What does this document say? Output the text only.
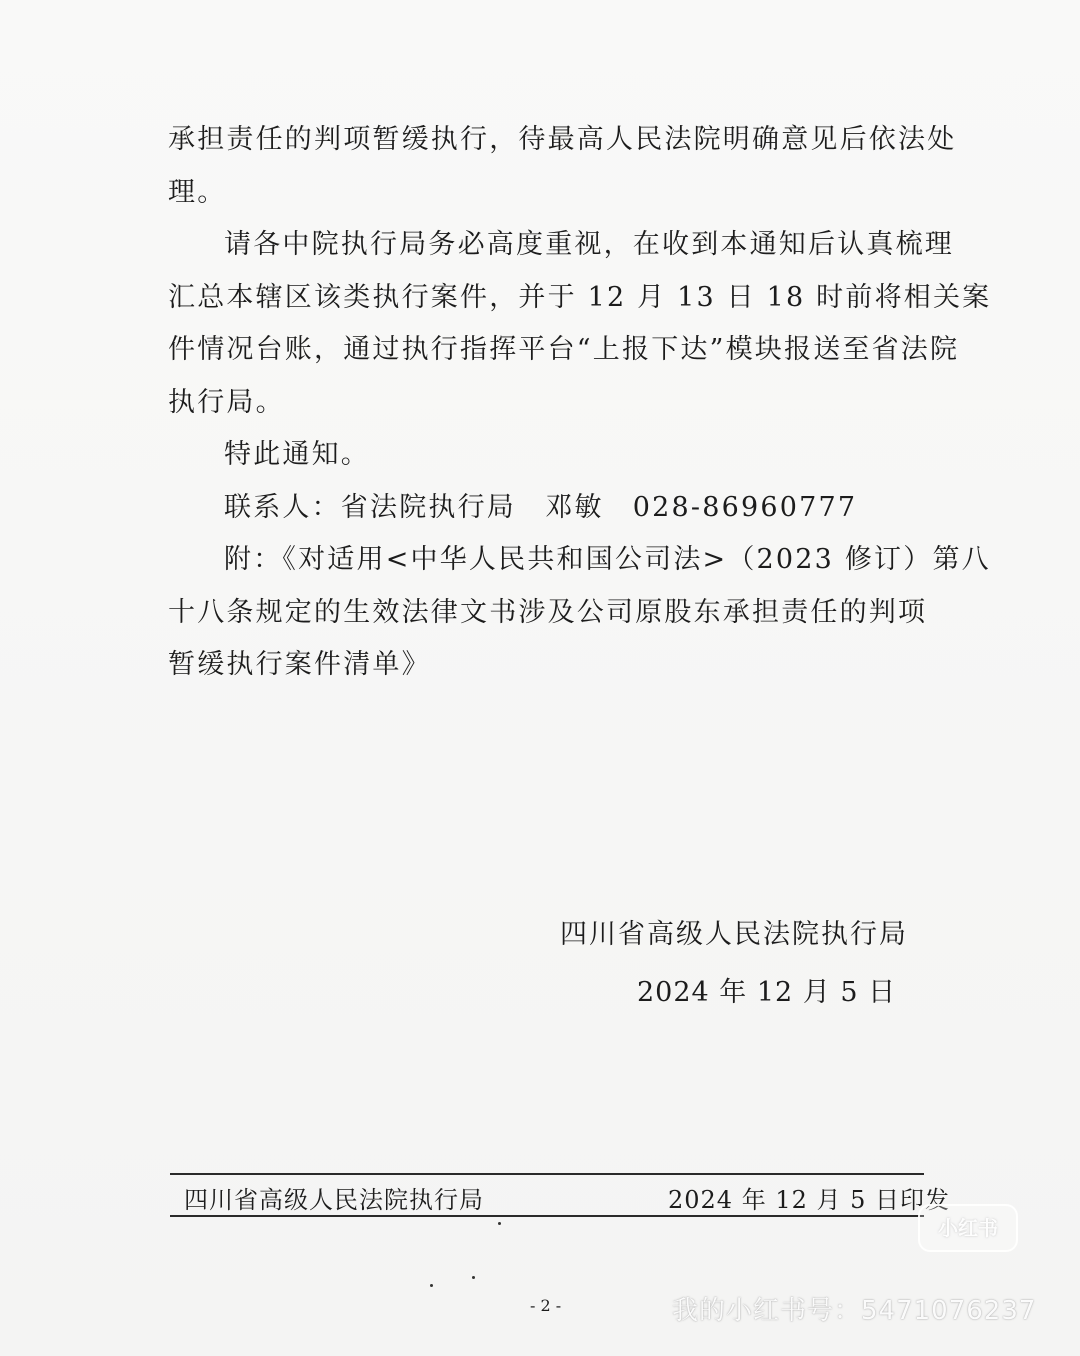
承担责任的判项暂缓执行，待最高人民法院明确意见后依法处
理。
请各中院执行局务必高度重视，在收到本通知后认真梳理
汇总本辖区该类执行案件，并于 12 月 13 日 18 时前将相关案
件情况台账，通过执行指挥平台“上报下达”模块报送至省法院
执行局。
特此通知。
联系人：省法院执行局　邓敏　028-86960777
附：《对适用<中华人民共和国公司法>（2023 修订）第八
十八条规定的生效法律文书涉及公司原股东承担责任的判项
暂缓执行案件清单》
四川省高级人民法院执行局
2024 年 12 月 5 日
四川省高级人民法院执行局	2024 年 12 月 5 日印发
- 2 -
小红书
我的小红书号：5471076237
